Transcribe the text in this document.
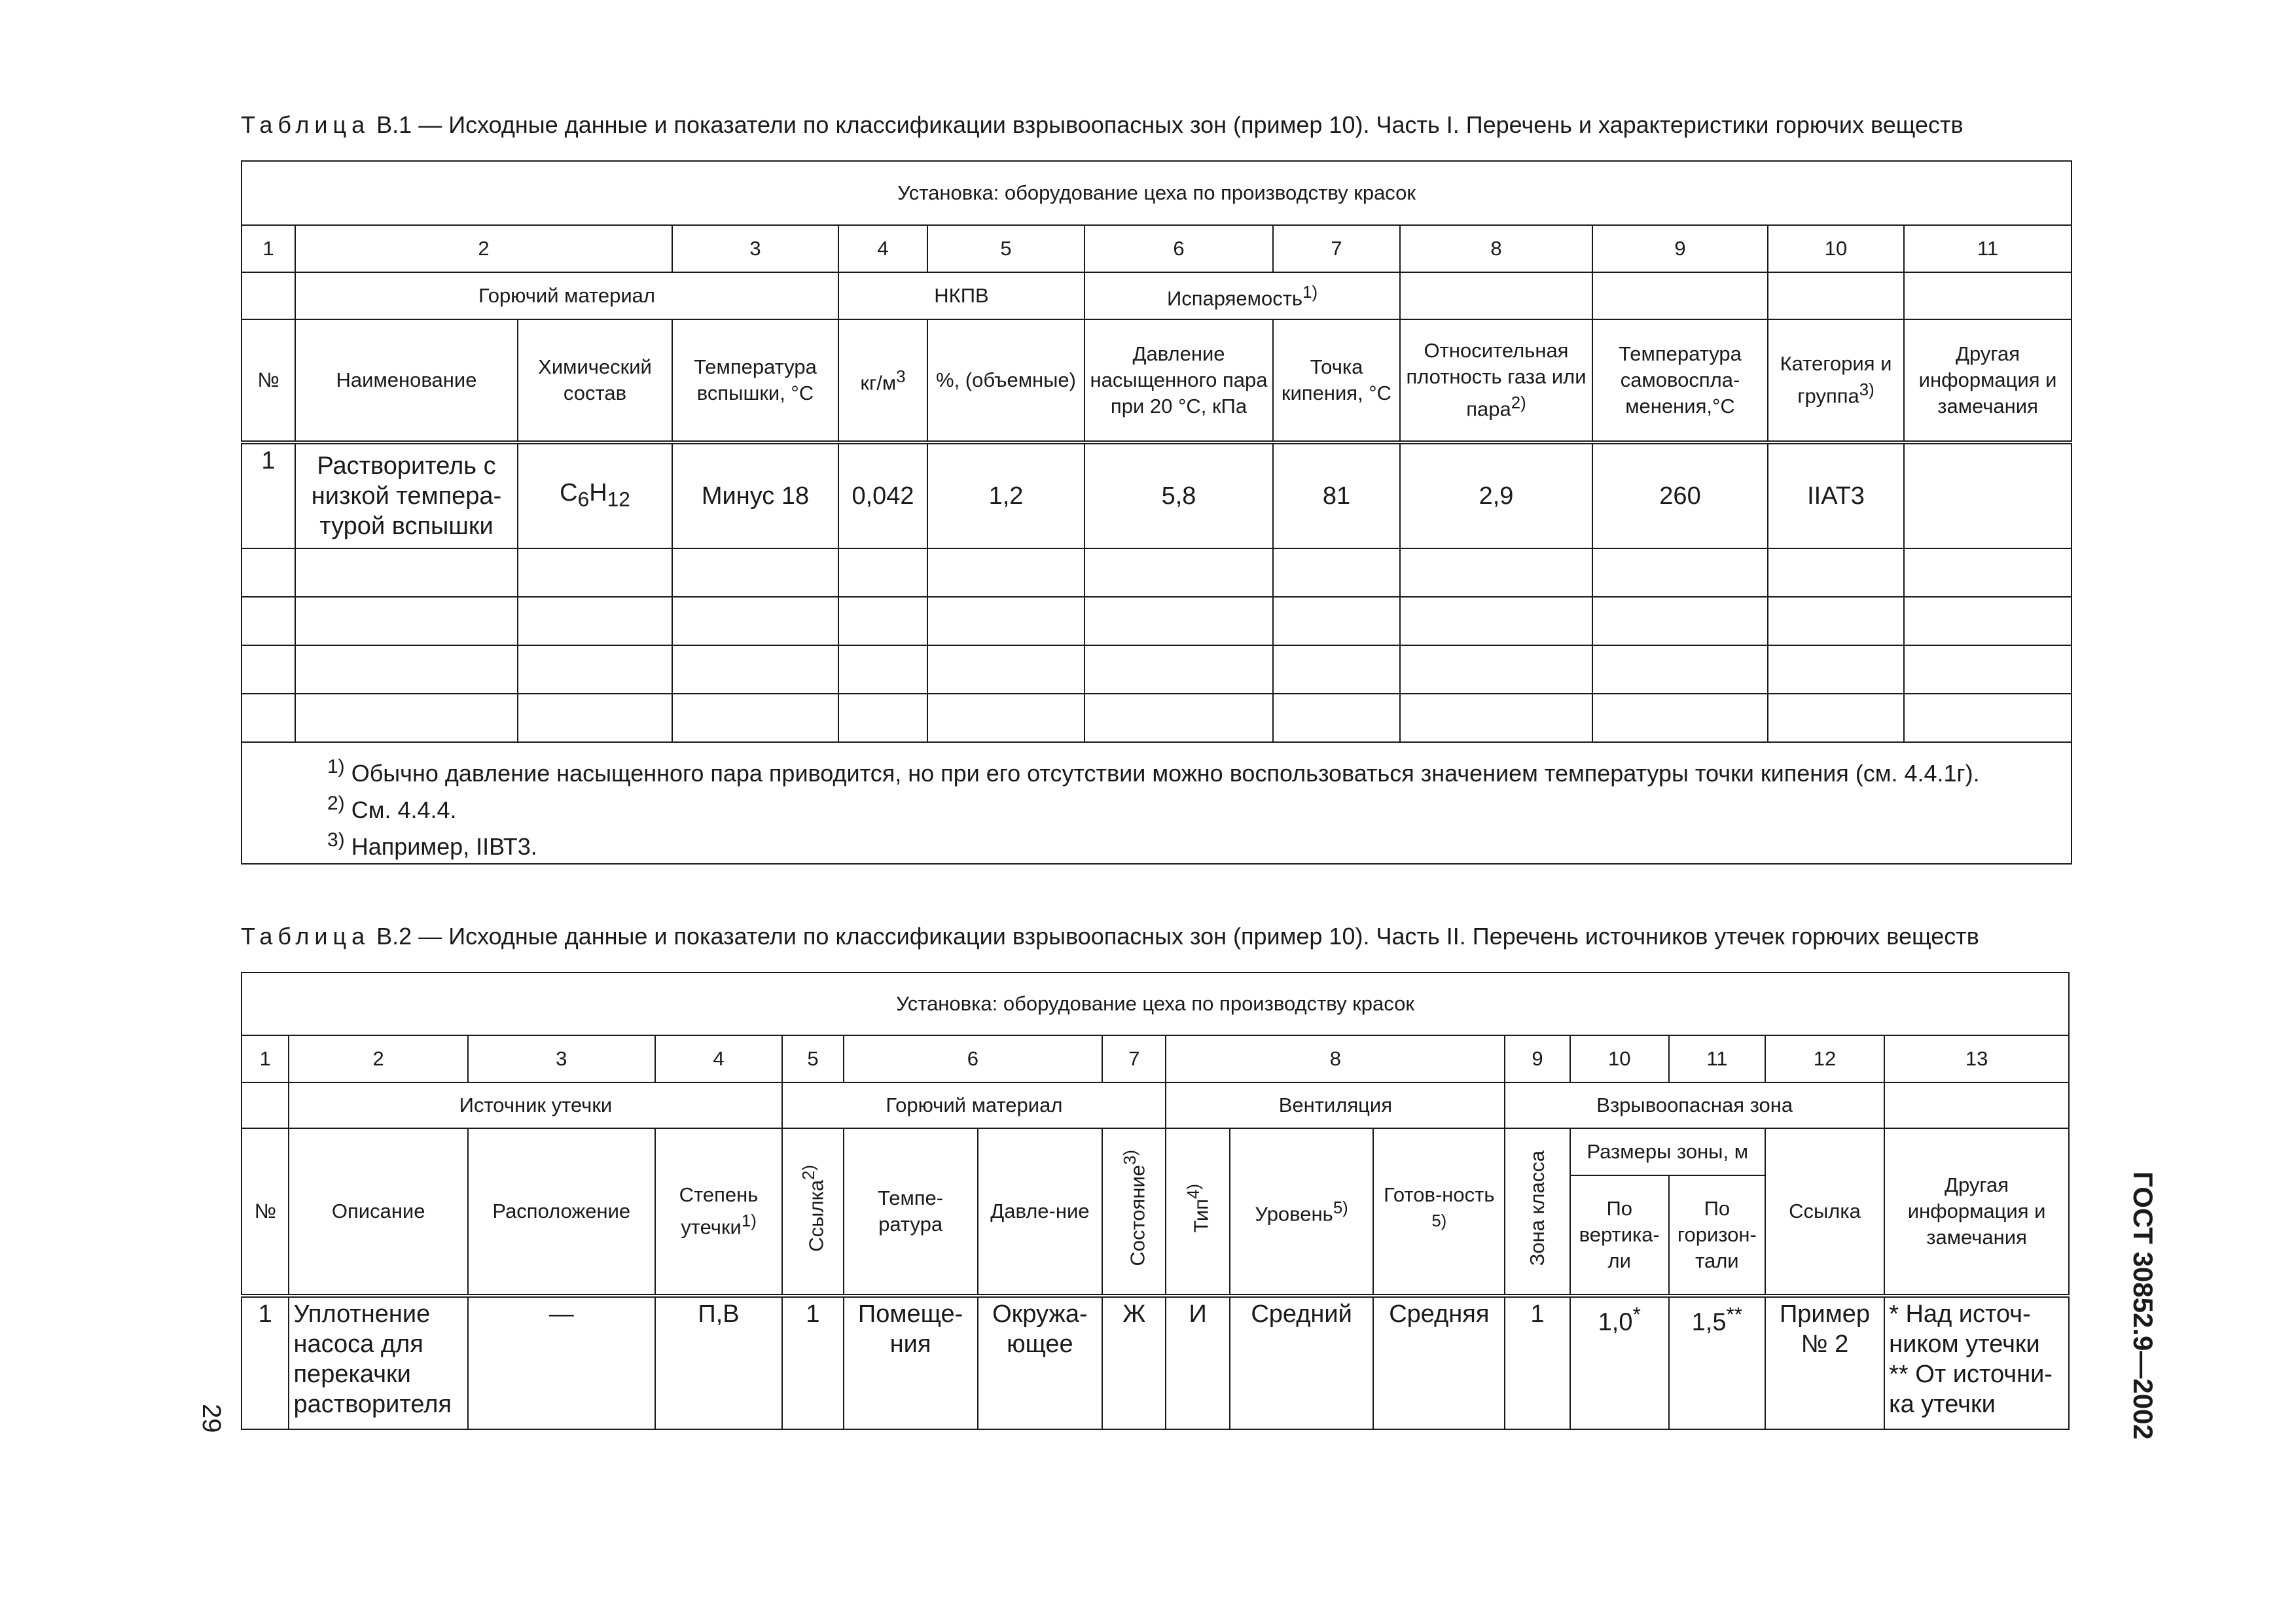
Таблица В.1 — Исходные данные и показатели по классификации взрывоопасных зон (пример 10). Часть I. Перечень и характеристики горючих веществ
Установка: оборудование цеха по производству красок												
1	2		3	4	5	6	7	8	9	10	11	
	Горючий материал			НКПВ		Испаряемость$^{1)}$				
№	Наименование	Химический состав	Температура вспышки, °С	$кг/м^3$	%, (объемные)	Давление насыщенного пара при 20 °С, кПа	Точка кипения, °С	Относительная плотность газа или пара$^{2)}$	Температура самовоспла-менения,°С	Категория и группа$^{3)}$	Другая информация и замечания	
1	Растворитель с низкой темпера-турой вспышки	$C_6H_{12}$	Минус 18	0,042	1,2	5,8	81	2,9	260	IIАТ3		

$^{1)}$ Обычно давление насыщенного пара приводится, но при его отсутствии можно воспользоваться значением температуры точки кипения (см. 4.4.1г).
$^{2)}$ См. 4.4.4.
$^{3)}$ Например, IIВТ3.												
Таблица В.2 — Исходные данные и показатели по классификации взрывоопасных зон (пример 10). Часть II. Перечень источников утечек горючих веществ
Установка: оборудование цеха по производству красок															
1	2	3	4	5	6		7	8			9	10	11	12	13
	Источник утечки			Горючий материал				Вентиляция			Взрывоопасная зона				
№	Описание	Расположение	Степень утечки$^{1)}$	Ссылка$^{2)}$	Темпе-ратура	Давле-ние	Состояние$^{3)}$	Тип$^{4)}$	Уровень$^{5)}$	Готов-ность $^{5)}$	Зона класса	Размеры зоны, м		Ссылка	Другая информация и замечания
												По вертика-ли	По горизон-тали		
1	Уплотнение насоса для перекачки растворителя	—	П,В	1	Помеще-ния	Окружа-ющее	Ж	И	Средний	Средняя	1	1,0*	1,5**	Пример № 2	* Над источ-ником утечки
** От источни-ка утечки	ГОСТ 30852.9—2002
29
